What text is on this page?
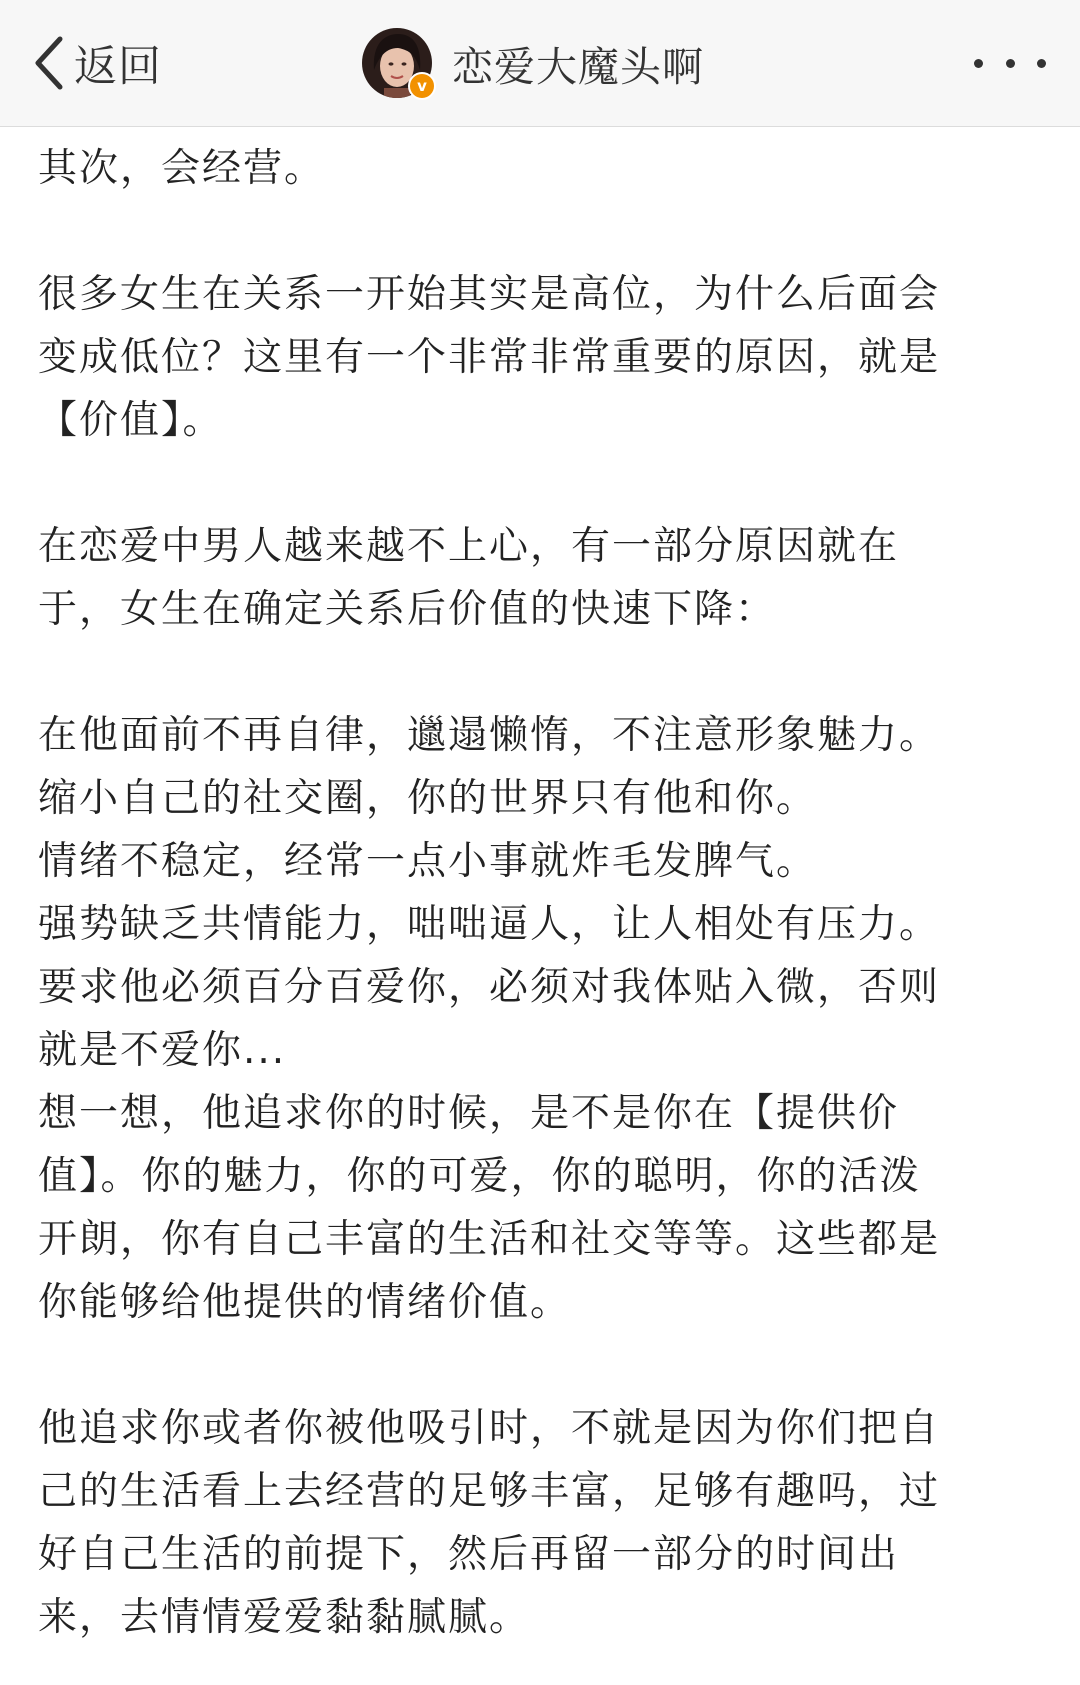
返回	v 恋爱大魔头啊
其次，会经营。
很多女生在关系一开始其实是高位，为什么后面会
变成低位？这里有一个非常非常重要的原因，就是
【价值】。
在恋爱中男人越来越不上心，有一部分原因就在
于，女生在确定关系后价值的快速下降：
在他面前不再自律，邋遢懒惰，不注意形象魅力。
缩小自己的社交圈，你的世界只有他和你。
情绪不稳定，经常一点小事就炸毛发脾气。
强势缺乏共情能力，咄咄逼人，让人相处有压力。
要求他必须百分百爱你，必须对我体贴入微，否则
就是不爱你...
想一想，他追求你的时候，是不是你在【提供价
值】。你的魅力，你的可爱，你的聪明，你的活泼
开朗，你有自己丰富的生活和社交等等。这些都是
你能够给他提供的情绪价值。
他追求你或者你被他吸引时，不就是因为你们把自
己的生活看上去经营的足够丰富，足够有趣吗，过
好自己生活的前提下，然后再留一部分的时间出
来，去情情爱爱黏黏腻腻。
